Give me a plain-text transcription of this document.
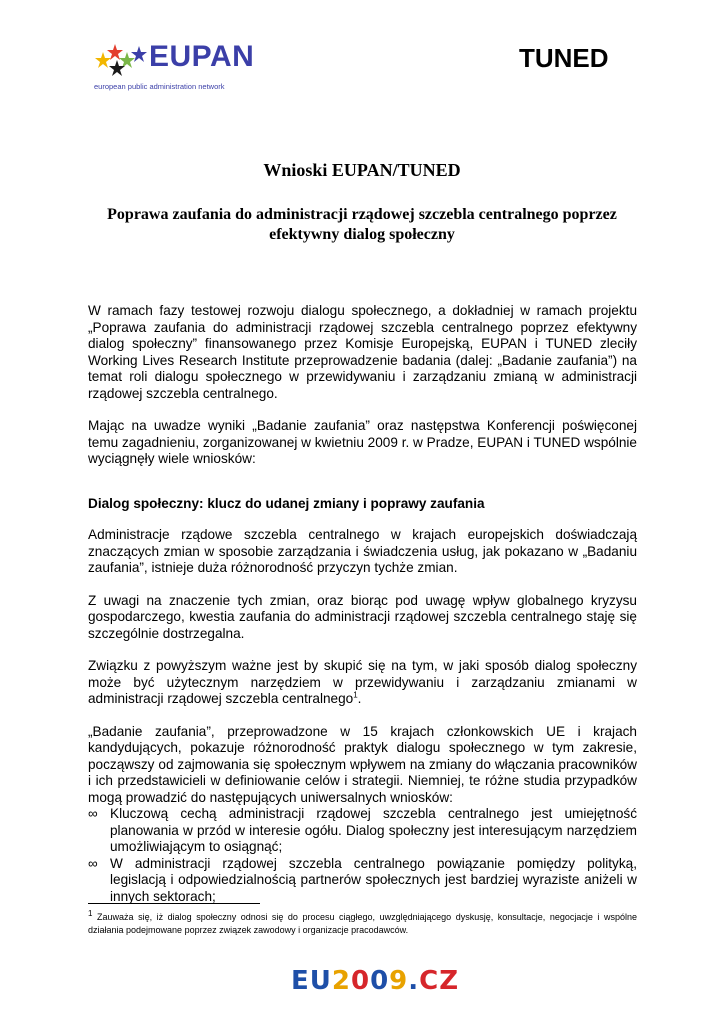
EUPAN
european public administration network
TUNED
Wnioski EUPAN/TUNED
Poprawa zaufania do administracji rządowej szczebla centralnego poprzez efektywny dialog społeczny

W ramach fazy testowej rozwoju dialogu społecznego, a dokładniej w ramach projektu „Poprawa zaufania do administracji rządowej szczebla centralnego poprzez efektywny dialog społeczny” finansowanego przez Komisje Europejską, EUPAN i TUNED zleciły Working Lives Research Institute przeprowadzenie badania (dalej: „Badanie zaufania”) na temat roli dialogu społecznego w przewidywaniu i zarządzaniu zmianą w administracji rządowej szczebla centralnego.

Mając na uwadze wyniki „Badanie zaufania” oraz następstwa Konferencji poświęconej temu zagadnieniu, zorganizowanej w kwietniu 2009 r. w Pradze, EUPAN i TUNED wspólnie wyciągnęły wiele wniosków:

Dialog społeczny: klucz do udanej zmiany i poprawy zaufania

Administracje rządowe szczebla centralnego w krajach europejskich doświadczają znaczących zmian w sposobie zarządzania i świadczenia usług, jak pokazano w „Badaniu zaufania”, istnieje duża różnorodność przyczyn tychże zmian.

Z uwagi na znaczenie tych zmian, oraz biorąc pod uwagę wpływ globalnego kryzysu gospodarczego, kwestia zaufania do administracji rządowej szczebla centralnego staję się szczególnie dostrzegalna.

Związku z powyższym ważne jest by skupić się na tym, w jaki sposób dialog społeczny może być użytecznym narzędziem w przewidywaniu i zarządzaniu zmianami w administracji rządowej szczebla centralnego$^1$.

„Badanie zaufania”, przeprowadzone w 15 krajach członkowskich UE i krajach kandydujących, pokazuje różnorodność praktyk dialogu społecznego w tym zakresie, począwszy od zajmowania się społecznym wpływem na zmiany do włączania pracowników i ich przedstawicieli w definiowanie celów i strategii. Niemniej, te różne studia przypadków mogą prowadzić do następujących uniwersalnych wniosków:

∞ Kluczową cechą administracji rządowej szczebla centralnego jest umiejętność planowania w przód w interesie ogółu. Dialog społeczny jest interesującym narzędziem umożliwiającym to osiągnąć;
∞ W administracji rządowej szczebla centralnego powiązanie pomiędzy polityką, legislacją i odpowiedzialnością partnerów społecznych jest bardziej wyraziste aniżeli w innych sektorach;
$^1$ Zauważa się, iż dialog społeczny odnosi się do procesu ciągłego, uwzględniającego dyskusję, konsultacje, negocjacje i wspólne działania podejmowane poprzez związek zawodowy i organizacje pracodawców.
EU2009.CZ
